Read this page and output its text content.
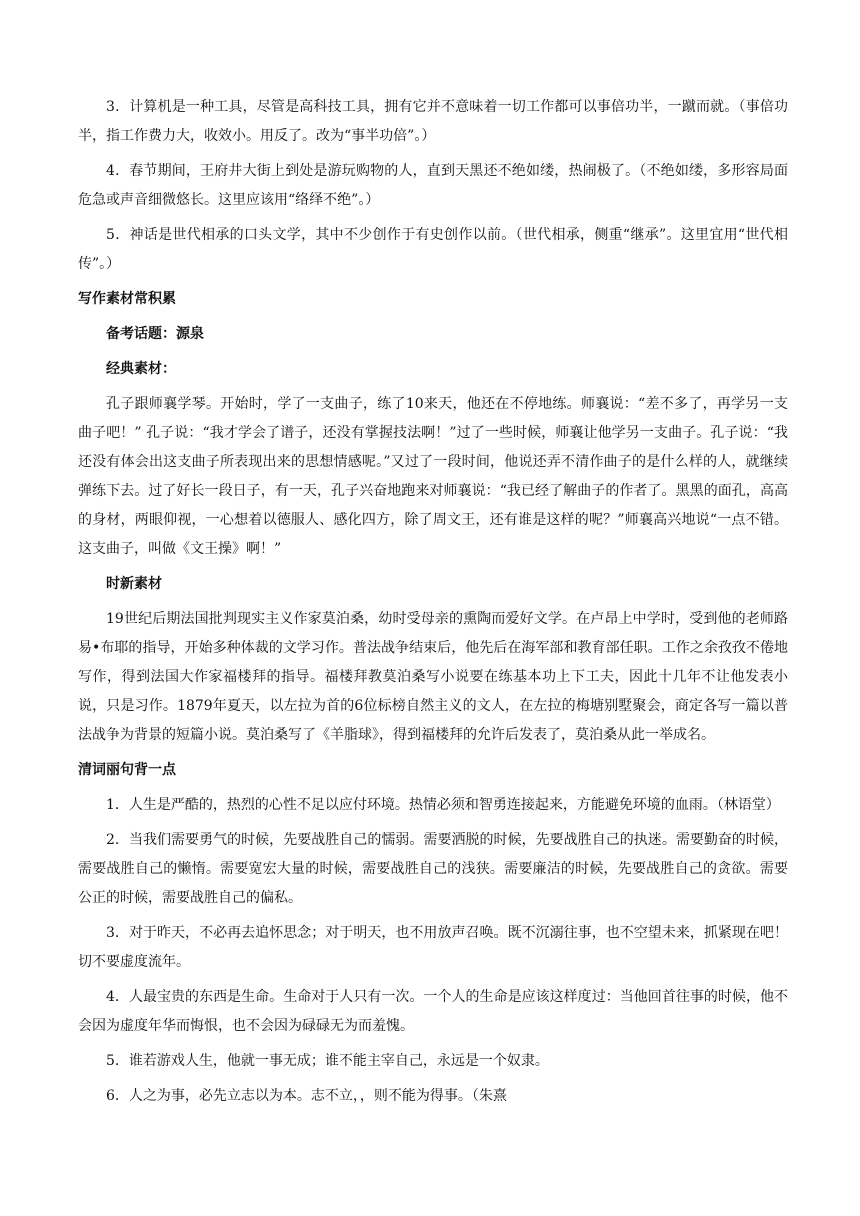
3．计算机是一种工具，尽管是高科技工具，拥有它并不意味着一切工作都可以事倍功半，一蹴而就。（事倍功半，指工作费力大，收效小。用反了。改为“事半功倍”。）

4．春节期间，王府井大街上到处是游玩购物的人，直到天黑还不绝如缕，热闹极了。（不绝如缕，多形容局面危急或声音细微悠长。这里应该用“络绎不绝”。）

5．神话是世代相承的口头文学，其中不少创作于有史创作以前。（世代相承，侧重“继承”。这里宜用“世代相传”。）

写作素材常积累

备考话题：源泉

经典素材：

孔子跟师襄学琴。开始时，学了一支曲子，练了10来天，他还在不停地练。师襄说：“差不多了，再学另一支曲子吧！” 孔子说：“我才学会了谱子，还没有掌握技法啊！”过了一些时候，师襄让他学另一支曲子。孔子说：“我还没有体会出这支曲子所表现出来的思想情感呢。”又过了一段时间，他说还弄不清作曲子的是什么样的人，就继续弹练下去。过了好长一段日子，有一天，孔子兴奋地跑来对师襄说：“我已经了解曲子的作者了。黑黑的面孔，高高的身材，两眼仰视，一心想着以德服人、感化四方，除了周文王，还有谁是这样的呢？”师襄高兴地说“一点不错。这支曲子，叫做《文王操》啊！”

时新素材

19世纪后期法国批判现实主义作家莫泊桑，幼时受母亲的熏陶而爱好文学。在卢昂上中学时，受到他的老师路易•布耶的指导，开始多种体裁的文学习作。普法战争结束后，他先后在海军部和教育部任职。工作之余孜孜不倦地写作，得到法国大作家福楼拜的指导。福楼拜教莫泊桑写小说要在练基本功上下工夫，因此十几年不让他发表小说，只是习作。1879年夏天，以左拉为首的6位标榜自然主义的文人，在左拉的梅塘别墅聚会，商定各写一篇以普法战争为背景的短篇小说。莫泊桑写了《羊脂球》，得到福楼拜的允许后发表了，莫泊桑从此一举成名。

清词丽句背一点

1．人生是严酷的，热烈的心性不足以应付环境。热情必须和智勇连接起来，方能避免环境的血雨。（林语堂）

2．当我们需要勇气的时候，先要战胜自己的懦弱。需要洒脱的时候，先要战胜自己的执迷。需要勤奋的时候，需要战胜自己的懒惰。需要宽宏大量的时候，需要战胜自己的浅狭。需要廉洁的时候，先要战胜自己的贪欲。需要公正的时候，需要战胜自己的偏私。

3．对于昨天，不必再去追怀思念；对于明天，也不用放声召唤。既不沉溺往事，也不空望未来，抓紧现在吧！切不要虚度流年。

4．人最宝贵的东西是生命。生命对于人只有一次。一个人的生命是应该这样度过：当他回首往事的时候，他不会因为虚度年华而悔恨，也不会因为碌碌无为而羞愧。

5．谁若游戏人生，他就一事无成；谁不能主宰自己，永远是一个奴隶。

6．人之为事，必先立志以为本。志不立，，则不能为得事。（朱熹
